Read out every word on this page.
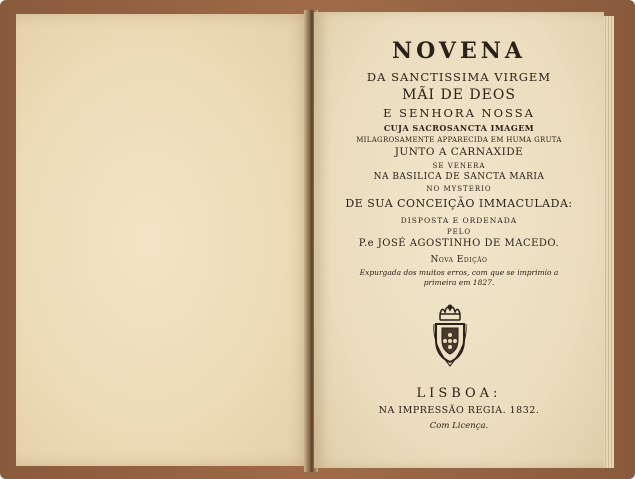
NOVENA
DA SANCTISSIMA VIRGEM
MÃI DE DEOS
E SENHORA NOSSA
CUJA SACROSANCTA IMAGEM
MILAGROSAMENTE APPARECIDA EM HUMA GRUTA
JUNTO A CARNAXIDE
SE VENERA
NA BASILICA DE SANCTA MARIA
NO MYSTERIO
DE SUA CONCEIÇÃO IMMACULADA:
DISPOSTA E ORDENADA
PELO
P.e JOSÉ AGOSTINHO DE MACEDO.
Nova Edição
Expurgada dos muitos erros, com que se imprimio a
primeira em 1827.
LISBOA:
NA IMPRESSÃO REGIA. 1832.
Com Licença.
